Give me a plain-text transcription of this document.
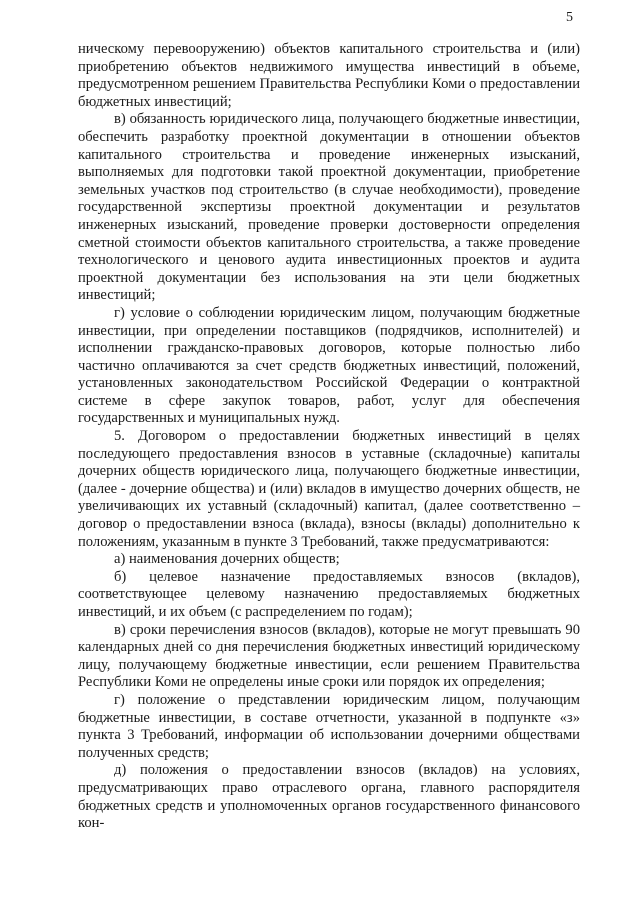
5

ническому перевооружению) объектов капитального строительства и (или) приобретению объектов недвижимого имущества инвестиций в объеме, предусмотренном решением Правительства Республики Коми о предоставлении бюджетных инвестиций;

в) обязанность юридического лица, получающего бюджетные инвестиции, обеспечить разработку проектной документации в отношении объектов капитального строительства и проведение инженерных изысканий, выполняемых для подготовки такой проектной документации, приобретение земельных участков под строительство (в случае необходимости), проведение государственной экспертизы проектной документации и результатов инженерных изысканий, проведение проверки достоверности определения сметной стоимости объектов капитального строительства, а также проведение технологического и ценового аудита инвестиционных проектов и аудита проектной документации без использования на эти цели бюджетных инвестиций;

г) условие о соблюдении юридическим лицом, получающим бюджетные инвестиции, при определении поставщиков (подрядчиков, исполнителей) и исполнении гражданско-правовых договоров, которые полностью либо частично оплачиваются за счет средств бюджетных инвестиций, положений, установленных законодательством Российской Федерации о контрактной системе в сфере закупок товаров, работ, услуг для обеспечения государственных и муниципальных нужд.

5. Договором о предоставлении бюджетных инвестиций в целях последующего предоставления взносов в уставные (складочные) капиталы дочерних обществ юридического лица, получающего бюджетные инвестиции, (далее - дочерние общества) и (или) вкладов в имущество дочерних обществ, не увеличивающих их уставный (складочный) капитал, (далее соответственно – договор о предоставлении взноса (вклада), взносы (вклады) дополнительно к положениям, указанным в пункте 3 Требований, также предусматриваются:

а) наименования дочерних обществ;

б) целевое назначение предоставляемых взносов (вкладов), соответствующее целевому назначению предоставляемых бюджетных инвестиций, и их объем (с распределением по годам);

в) сроки перечисления взносов (вкладов), которые не могут превышать 90 календарных дней со дня перечисления бюджетных инвестиций юридическому лицу, получающему бюджетные инвестиции, если решением Правительства Республики Коми не определены иные сроки или порядок их определения;

г) положение о представлении юридическим лицом, получающим бюджетные инвестиции, в составе отчетности, указанной в подпункте «з» пункта 3 Требований, информации об использовании дочерними обществами полученных средств;

д) положения о предоставлении взносов (вкладов) на условиях, предусматривающих право отраслевого органа, главного распорядителя бюджетных средств и уполномоченных органов государственного финансового кон-
